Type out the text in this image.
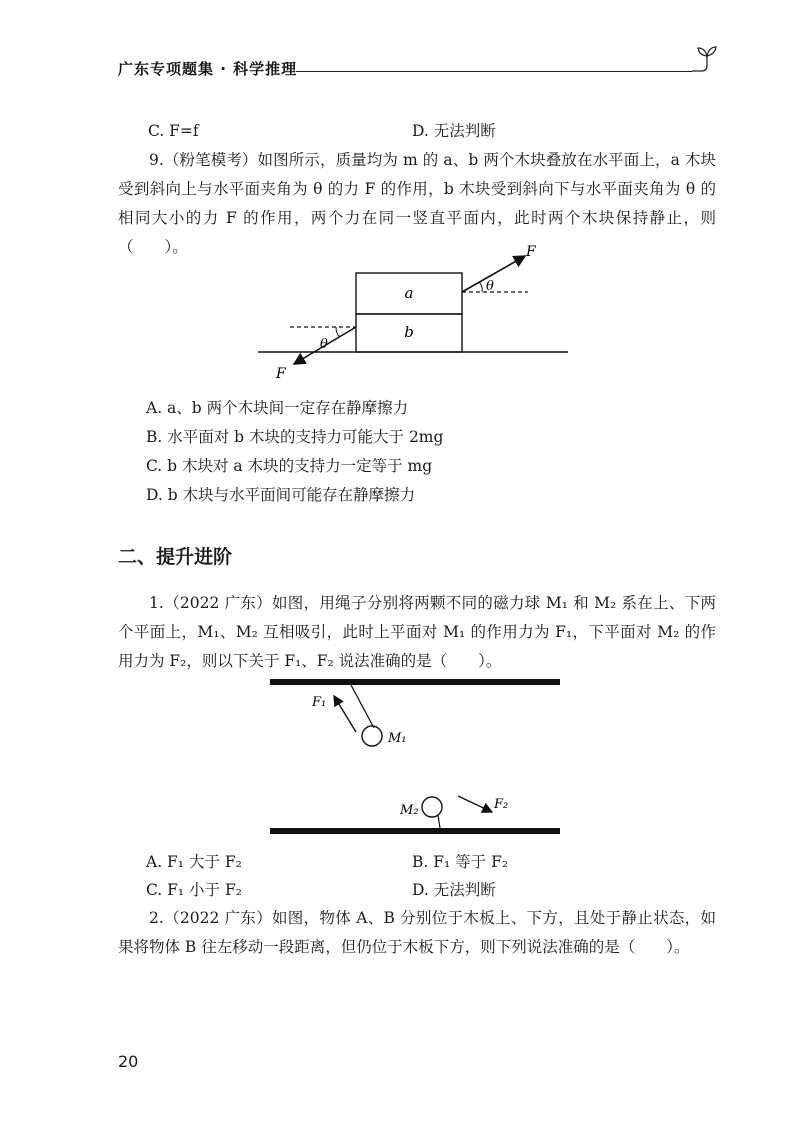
广东专项题集 · 科学推理
C. F=f	D. 无法判断
9.（粉笔模考）如图所示，质量均为 m 的 a、b 两个木块叠放在水平面上，a 木块受到斜向上与水平面夹角为 θ 的力 F 的作用，b 木块受到斜向下与水平面夹角为 θ 的相同大小的力 F 的作用，两个力在同一竖直平面内，此时两个木块保持静止，则（　　）。
a
b
θ
F
θ
F
A. a、b 两个木块间一定存在静摩擦力
B. 水平面对 b 木块的支持力可能大于 2mg
C. b 木块对 a 木块的支持力一定等于 mg
D. b 木块与水平面间可能存在静摩擦力
二、提升进阶
1.（2022 广东）如图，用绳子分别将两颗不同的磁力球 M₁ 和 M₂ 系在上、下两个平面上，M₁、M₂ 互相吸引，此时上平面对 M₁ 的作用力为 F₁，下平面对 M₂ 的作用力为 F₂，则以下关于 F₁、F₂ 说法准确的是（　　）。
F₁
M₁
M₂	F₂
A. F₁ 大于 F₂	B. F₁ 等于 F₂
C. F₁ 小于 F₂	D. 无法判断
2.（2022 广东）如图，物体 A、B 分别位于木板上、下方，且处于静止状态，如果将物体 B 往左移动一段距离，但仍位于木板下方，则下列说法准确的是（　　）。
20
